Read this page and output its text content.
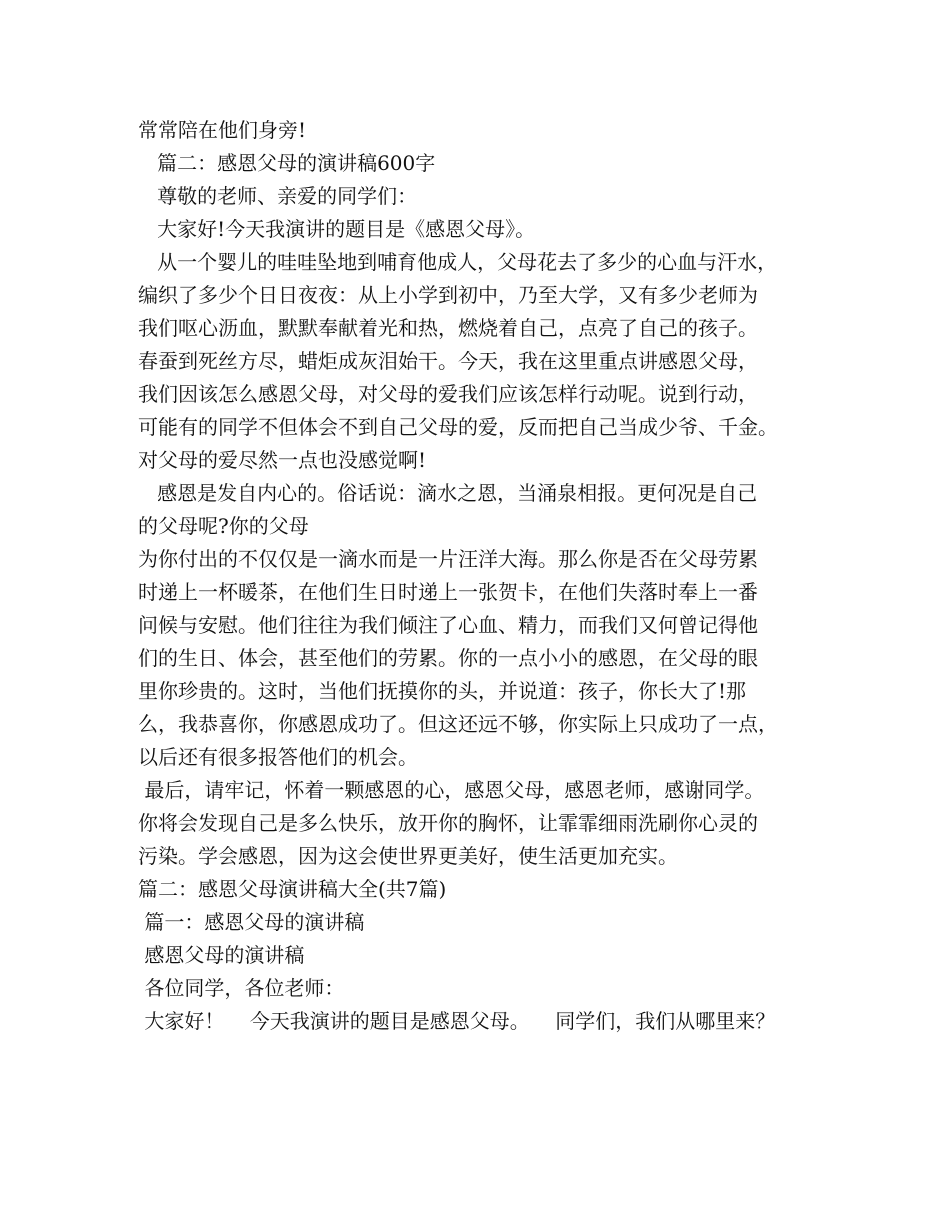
常常陪在他们身旁!
篇二：感恩父母的演讲稿600字
尊敬的老师、亲爱的同学们：
大家好!今天我演讲的题目是《感恩父母》。
从一个婴儿的哇哇坠地到哺育他成人，父母花去了多少的心血与汗水，
编织了多少个日日夜夜：从上小学到初中，乃至大学，又有多少老师为
我们呕心沥血，默默奉献着光和热，燃烧着自己，点亮了自己的孩子。
春蚕到死丝方尽，蜡炬成灰泪始干。今天，我在这里重点讲感恩父母，
我们因该怎么感恩父母，对父母的爱我们应该怎样行动呢。说到行动，
可能有的同学不但体会不到自己父母的爱，反而把自己当成少爷、千金。
对父母的爱尽然一点也没感觉啊!
感恩是发自内心的。俗话说：滴水之恩，当涌泉相报。更何况是自己
的父母呢?你的父母
为你付出的不仅仅是一滴水而是一片汪洋大海。那么你是否在父母劳累
时递上一杯暖茶，在他们生日时递上一张贺卡，在他们失落时奉上一番
问候与安慰。他们往往为我们倾注了心血、精力，而我们又何曾记得他
们的生日、体会，甚至他们的劳累。你的一点小小的感恩，在父母的眼
里你珍贵的。这时，当他们抚摸你的头，并说道：孩子，你长大了!那
么，我恭喜你，你感恩成功了。但这还远不够，你实际上只成功了一点，
以后还有很多报答他们的机会。
最后，请牢记，怀着一颗感恩的心，感恩父母，感恩老师，感谢同学。
你将会发现自己是多么快乐，放开你的胸怀，让霏霏细雨洗刷你心灵的
污染。学会感恩，因为这会使世界更美好，使生活更加充实。
篇二：感恩父母演讲稿大全(共7篇)
篇一：感恩父母的演讲稿
感恩父母的演讲稿
各位同学，各位老师：
大家好！    今天我演讲的题目是感恩父母。    同学们，我们从哪里来？
